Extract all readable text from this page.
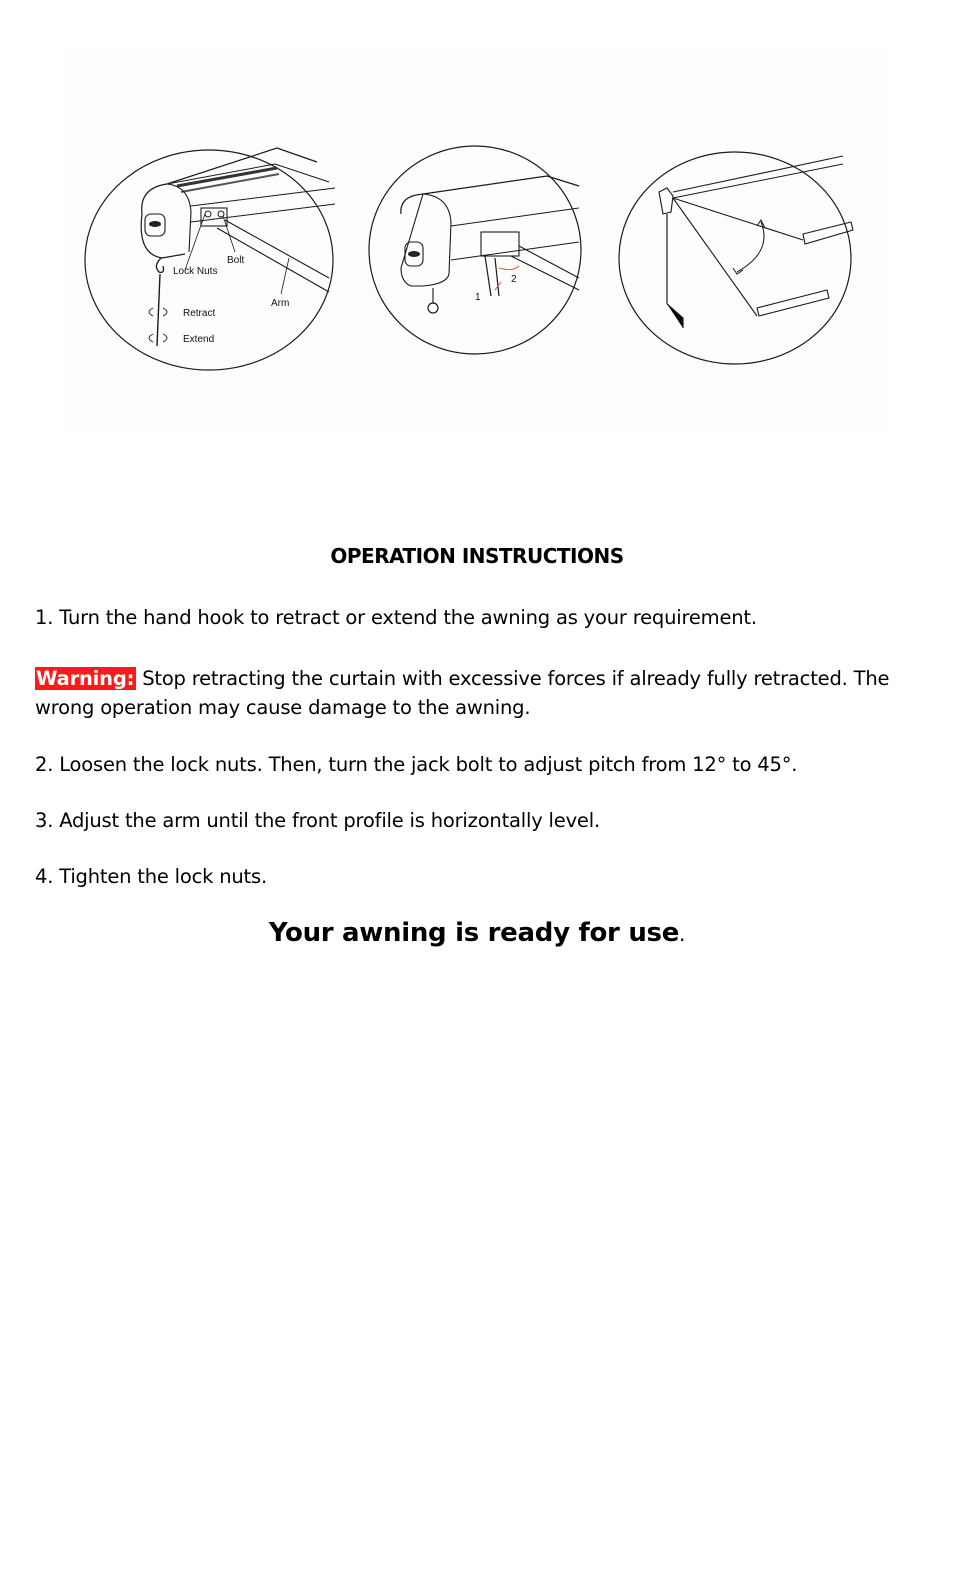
Lock Nuts
Bolt
Arm
Retract
Extend
1
2
OPERATION INSTRUCTIONS
1. Turn the hand hook to retract or extend the awning as your requirement.
Warning: Stop retracting the curtain with excessive forces if already fully retracted. The wrong operation may cause damage to the awning.
2. Loosen the lock nuts. Then, turn the jack bolt to adjust pitch from 12° to 45°.
3. Adjust the arm until the front profile is horizontally level.
4. Tighten the lock nuts.
Your awning is ready for use.
